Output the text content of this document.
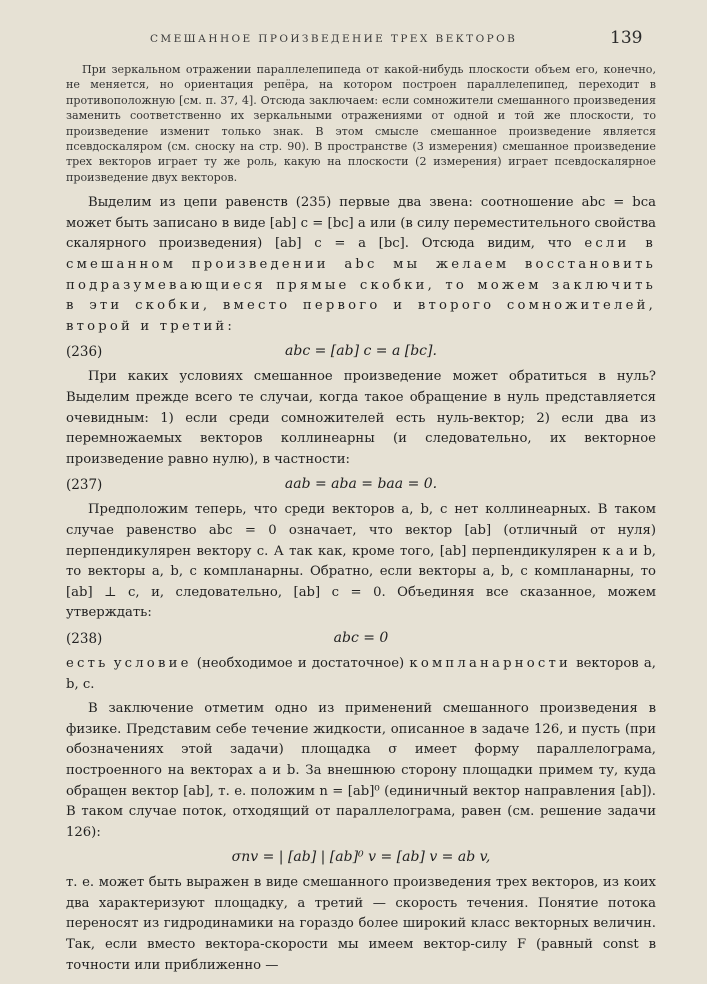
СМЕШАННОЕ ПРОИЗВЕДЕНИЕ ТРЕХ ВЕКТОРОВ	139

При зеркальном отражении параллелепипеда от какой-нибудь плоскости объем его, конечно, не меняется, но ориентация репёра, на котором построен параллелепипед, переходит в противоположную [см. п. 37, 4]. Отсюда заключаем: если сомножители смешанного произведения заменить соответственно их зеркальными отражениями от одной и той же плоскости, то произведение изменит только знак. В этом смысле смешанное произведение является псевдоскаляром (см. сноску на стр. 90). В пространстве (3 измерения) смешанное произведение трех векторов играет ту же роль, какую на плоскости (2 измерения) играет псевдоскалярное произведение двух векторов.

Выделим из цепи равенств (235) первые два звена: соотношение abc = bca может быть записано в виде [ab] c = [bc] a или (в силу переместительного свойства скалярного произведения) [ab] c = a [bc]. Отсюда видим, что если в смешанном произведении abc мы желаем восстановить подразумевающиеся прямые скобки, то можем заключить в эти скобки, вместо первого и второго сомножителей, второй и третий:

(236)	abc = [ab] c = a [bc].

При каких условиях смешанное произведение может обратиться в нуль? Выделим прежде всего те случаи, когда такое обращение в нуль представляется очевидным: 1) если среди сомножителей есть нуль-вектор; 2) если два из перемножаемых векторов коллинеарны (и следовательно, их векторное произведение равно нулю), в частности:

(237)	aab = aba = baa = 0.

Предположим теперь, что среди векторов a, b, c нет коллинеарных. В таком случае равенство abc = 0 означает, что вектор [ab] (отличный от нуля) перпендикулярен вектору c. А так как, кроме того, [ab] перпендикулярен к a и b, то векторы a, b, c компланарны. Обратно, если векторы a, b, c компланарны, то [ab] ⊥ c, и, следовательно, [ab] c = 0. Объединяя все сказанное, можем утверждать:

(238)	abc = 0

есть условие (необходимое и достаточное) компланарности векторов a, b, c.

В заключение отметим одно из применений смешанного произведения в физике. Представим себе течение жидкости, описанное в задаче 126, и пусть (при обозначениях этой задачи) площадка σ имеет форму параллелограма, построенного на векторах a и b. За внешнюю сторону площадки примем ту, куда обращен вектор [ab], т. е. положим n = [ab]⁰ (единичный вектор направления [ab]). В таком случае поток, отходящий от параллелограма, равен (см. решение задачи 126):

σnv = | [ab] | [ab]⁰ v = [ab] v = ab v,

т. е. может быть выражен в виде смешанного произведения трех векторов, из коих два характеризуют площадку, а третий — скорость течения. Понятие потока переносят из гидродинамики на гораздо более широкий класс векторных величин. Так, если вместо вектора-скорости мы имеем вектор-силу F (равный const в точности или приближенно —
